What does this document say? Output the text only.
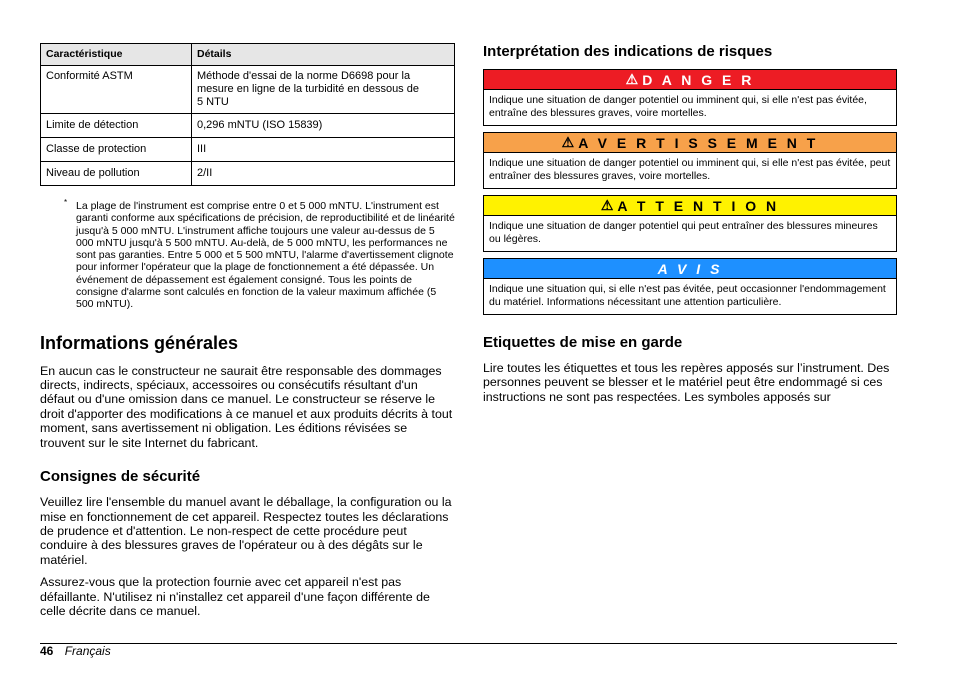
Caractéristique	Détails
Conformité ASTM	Méthode d'essai de la norme D6698 pour la mesure en ligne de la turbidité en dessous de 5 NTU
Limite de détection	0,296 mNTU (ISO 15839)
Classe de protection	III
Niveau de pollution	2/II
* La plage de l'instrument est comprise entre 0 et 5 000 mNTU. L'instrument est garanti conforme aux spécifications de précision, de reproductibilité et de linéarité jusqu'à 5 000 mNTU. L'instrument affiche toujours une valeur au-dessus de 5 000 mNTU jusqu'à 5 500 mNTU. Au-delà, de 5 000 mNTU, les performances ne sont pas garanties. Entre 5 000 et 5 500 mNTU, l'alarme d'avertissement clignote pour informer l'opérateur que la plage de fonctionnement a été dépassée. Un événement de dépassement est également consigné. Tous les points de consigne d'alarme sont calculés en fonction de la valeur maximum affichée (5 500 mNTU).
Informations générales

En aucun cas le constructeur ne saurait être responsable des dommages directs, indirects, spéciaux, accessoires ou consécutifs résultant d'un défaut ou d'une omission dans ce manuel. Le constructeur se réserve le droit d'apporter des modifications à ce manuel et aux produits décrits à tout moment, sans avertissement ni obligation. Les éditions révisées se trouvent sur le site Internet du fabricant.

Consignes de sécurité

Veuillez lire l'ensemble du manuel avant le déballage, la configuration ou la mise en fonctionnement de cet appareil. Respectez toutes les déclarations de prudence et d'attention. Le non-respect de cette procédure peut conduire à des blessures graves de l'opérateur ou à des dégâts sur le matériel.

Assurez-vous que la protection fournie avec cet appareil n'est pas défaillante. N'utilisez ni n'installez cet appareil d'une façon différente de celle décrite dans ce manuel.

Interprétation des indications de risques
⚠ D A N G E R
Indique une situation de danger potentiel ou imminent qui, si elle n'est pas évitée, entraîne des blessures graves, voire mortelles.
⚠ A V E R T I S S E M E N T
Indique une situation de danger potentiel ou imminent qui, si elle n'est pas évitée, peut entraîner des blessures graves, voire mortelles.
⚠ A T T E N T I O N
Indique une situation de danger potentiel qui peut entraîner des blessures mineures ou légères.
A V I S
Indique une situation qui, si elle n'est pas évitée, peut occasionner l'endommagement du matériel. Informations nécessitant une attention particulière.
Etiquettes de mise en garde

Lire toutes les étiquettes et tous les repères apposés sur l’instrument. Des personnes peuvent se blesser et le matériel peut être endommagé si ces instructions ne sont pas respectées. Les symboles apposés sur

46 Français
